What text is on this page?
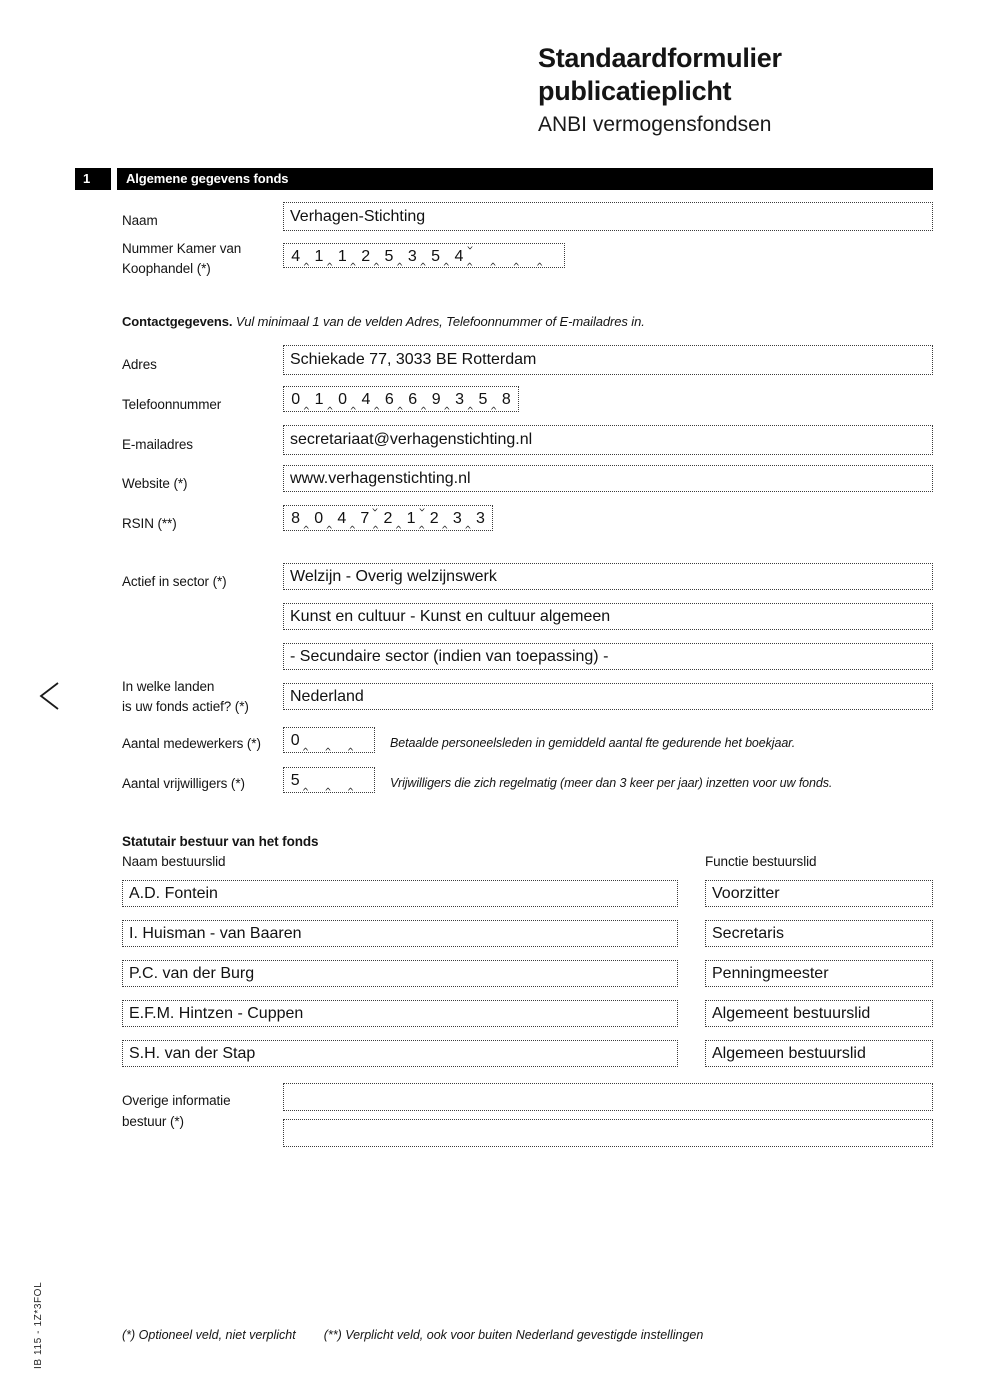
IB 115 - 1Z*3FOL
Standaardformulier
publicatieplicht
ANBI vermogensfondsen
1	Algemene gegevens fonds
Naam	Verhagen-Stichting
Nummer Kamer van
Koophandel (*)
4 ^ 1 ^ 1 ^ 2 ^ 5 ^ 3 ^ 5 ^ 4
^ ^
^
^
^
Contactgegevens. Vul minimaal 1 van de velden Adres, Telefoonnummer of E-mailadres in.
Adres	Schiekade 77, 3033 BE Rotterdam
Telefoonnummer	0 ^ 1 ^ 0 ^ 4 ^ 6 ^ 6 ^ 9 ^ 3 ^ 5 ^ 8
E-mailadres	secretariaat@verhagenstichting.nl
Website (*)	www.verhagenstichting.nl
RSIN (**)	8 ^ 0 ^ 4 ^ 7 ^ 2 ^ ^ 1 ^ 2 ^ ^ 3 ^ 3
Actief in sector (*)	Welzijn - Overig welzijnswerk
Kunst en cultuur - Kunst en cultuur algemeen
- Secundaire sector (indien van toepassing) -
In welke landen
is uw fonds actief? (*)
Nederland
Aantal medewerkers (*)	0 ^ ^ ^	Betaalde personeelsleden in gemiddeld aantal fte gedurende het boekjaar.
Aantal vrijwilligers (*)	5 ^ ^ ^	Vrijwilligers die zich regelmatig (meer dan 3 keer per jaar) inzetten voor uw fonds.
Statutair bestuur van het fonds
Naam bestuurslid	Functie bestuurslid
A.D. Fontein	Voorzitter
I. Huisman - van Baaren	Secretaris
P.C. van der Burg	Penningmeester
E.F.M. Hintzen - Cuppen	Algemeent bestuurslid
S.H. van der Stap	Algemeen bestuurslid
Overige informatie
bestuur (*)
(*) Optioneel veld, niet verplicht (**) Verplicht veld, ook voor buiten Nederland gevestigde instellingen
